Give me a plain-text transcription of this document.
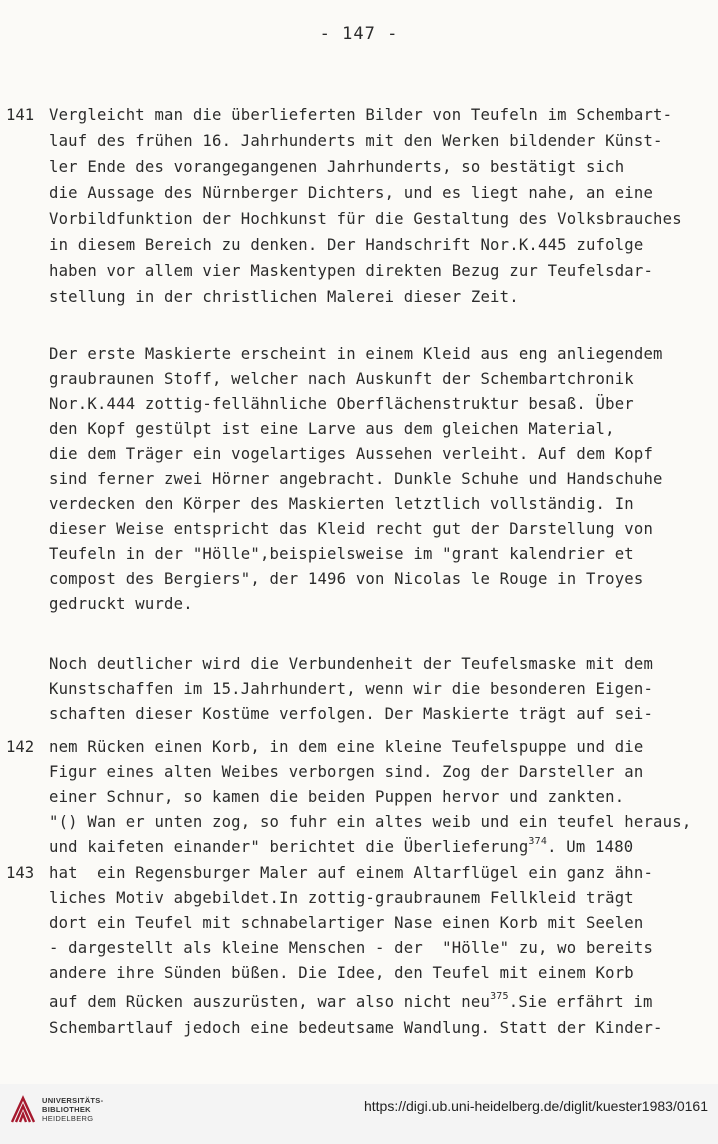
- 147 -
141
142
143
Vergleicht man die überlieferten Bilder von Teufeln im Schembart-
lauf des frühen 16. Jahrhunderts mit den Werken bildender Künst-
ler Ende des vorangegangenen Jahrhunderts, so bestätigt sich
die Aussage des Nürnberger Dichters, und es liegt nahe, an eine
Vorbildfunktion der Hochkunst für die Gestaltung des Volksbrauches
in diesem Bereich zu denken. Der Handschrift Nor.K.445 zufolge
haben vor allem vier Maskentypen direkten Bezug zur Teufelsdar-
stellung in der christlichen Malerei dieser Zeit.
Der erste Maskierte erscheint in einem Kleid aus eng anliegendem
graubraunen Stoff, welcher nach Auskunft der Schembartchronik
Nor.K.444 zottig-fellähnliche Oberflächenstruktur besaß. Über
den Kopf gestülpt ist eine Larve aus dem gleichen Material,
die dem Träger ein vogelartiges Aussehen verleiht. Auf dem Kopf
sind ferner zwei Hörner angebracht. Dunkle Schuhe und Handschuhe
verdecken den Körper des Maskierten letztlich vollständig. In
dieser Weise entspricht das Kleid recht gut der Darstellung von
Teufeln in der "Hölle",beispielsweise im "grant kalendrier et
compost des Bergiers", der 1496 von Nicolas le Rouge in Troyes
gedruckt wurde.
Noch deutlicher wird die Verbundenheit der Teufelsmaske mit dem
Kunstschaffen im 15.Jahrhundert, wenn wir die besonderen Eigen-
schaften dieser Kostüme verfolgen. Der Maskierte trägt auf sei-
nem Rücken einen Korb, in dem eine kleine Teufelspuppe und die
Figur eines alten Weibes verborgen sind. Zog der Darsteller an
einer Schnur, so kamen die beiden Puppen hervor und zankten.
"() Wan er unten zog, so fuhr ein altes weib und ein teufel heraus,
und kaifeten einander" berichtet die Überlieferung$^{374}$. Um 1480
hat  ein Regensburger Maler auf einem Altarflügel ein ganz ähn-
liches Motiv abgebildet.In zottig-graubraunem Fellkleid trägt
dort ein Teufel mit schnabelartiger Nase einen Korb mit Seelen
- dargestellt als kleine Menschen - der  "Hölle" zu, wo bereits
andere ihre Sünden büßen. Die Idee, den Teufel mit einem Korb
auf dem Rücken auszurüsten, war also nicht neu$^{375}$.Sie erfährt im
Schembartlauf jedoch eine bedeutsame Wandlung. Statt der Kinder-
UNIVERSITÄTS-
BIBLIOTHEK
HEIDELBERG
https://digi.ub.uni-heidelberg.de/diglit/kuester1983/0161
